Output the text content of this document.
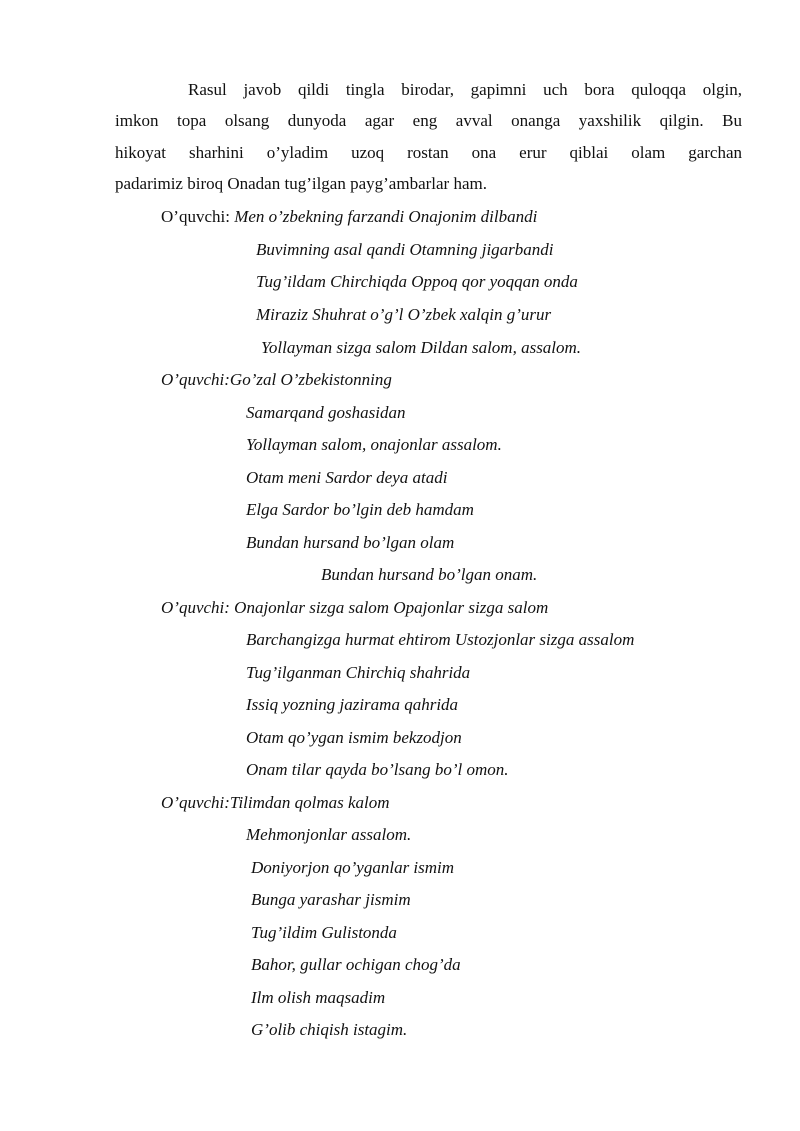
Rasul javob qildi tingla birodar, gapimni uch bora quloqqa olgin,
imkon topa olsang dunyoda agar eng avval onanga yaxshilik qilgin. Bu
hikoyat sharhini o’yladim uzoq rostan ona erur qiblai olam garchan
padarimiz biroq Onadan tug’ilgan payg’ambarlar ham.
O’quvchi: Men o’zbekning farzandi Onajonim dilbandi
Buvimning asal qandi Otamning jigarbandi
Tug’ildam Chirchiqda Oppoq qor yoqqan onda
Miraziz Shuhrat o’g’l O’zbek xalqin g’urur
Yollayman sizga salom Dildan salom, assalom.
O’quvchi:Go’zal O’zbekistonning
Samarqand goshasidan
Yollayman salom, onajonlar assalom.
Otam meni Sardor deya atadi
Elga Sardor bo’lgin deb hamdam
Bundan hursand bo’lgan olam
Bundan hursand bo’lgan onam.
O’quvchi: Onajonlar sizga salom Opajonlar sizga salom
Barchangizga hurmat ehtirom Ustozjonlar sizga assalom
Tug’ilganman Chirchiq shahrida
Issiq yozning jazirama qahrida
Otam qo’ygan ismim bekzodjon
Onam tilar qayda bo’lsang bo’l omon.
O’quvchi:Tilimdan qolmas kalom
Mehmonjonlar assalom.
Doniyorjon qo’yganlar ismim
Bunga yarashar jismim
Tug’ildim Gulistonda
Bahor, gullar ochigan chog’da
Ilm olish maqsadim
G’olib chiqish istagim.
